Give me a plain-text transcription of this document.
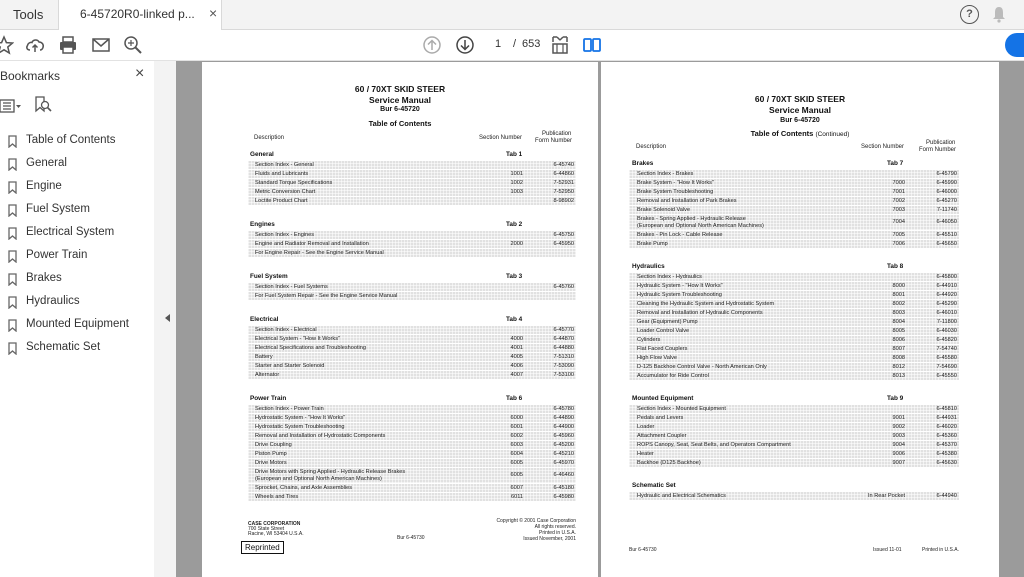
Tools	6-45720R0-linked p... ×	?
1	/ 653
Bookmarks	×
Table of Contents
General
Engine
Fuel System
Electrical System
Power Train
Brakes
Hydraulics
Mounted Equipment
Schematic Set
60 / 70XT SKID STEER
Service Manual
Bur 6-45720
Table of Contents
Description	Section Number
Publication
Form Number
General	Tab 1
Section Index - General	6-45740
Fluids and Lubricants	1001	6-44860
Standard Torque Specifications	1002	7-52931
Metric Conversion Chart	1003	7-52950
Loctite Product Chart	8-98902
Engines	Tab 2
Section Index - Engines	6-45750
Engine and Radiator Removal and Installation	2000	6-45950
For Engine Repair - See the Engine Service Manual
Fuel System	Tab 3
Section Index - Fuel Systems	6-45760
For Fuel System Repair - See the Engine Service Manual
Electrical	Tab 4
Section Index - Electrical	6-45770
Electrical System - "How It Works"	4000	6-44870
Electrical Specifications and Troubleshooting	4001	6-44880
Battery	4005	7-51310
Starter and Starter Solenoid	4006	7-53090
Alternator	4007	7-53100
Power Train	Tab 6
Section Index - Power Train	6-45780
Hydrostatic System - "How It Works"	6000	6-44890
Hydrostatic System Troubleshooting	6001	6-44900
Removal and Installation of Hydrostatic Components	6002	6-45960
Drive Coupling	6003	6-45200
Piston Pump	6004	6-45210
Drive Motors	6005	6-45970
Drive Motors with Spring Applied - Hydraulic Release Brakes
(European and Optional North American Machines)
6005	6-46460
Sprocket, Chains, and Axle Assemblies	6007	6-45180
Wheels and Tires	6011	6-45980
CASE CORPORATION
700 State Street
Racine, WI 53404 U.S.A.
Bur 6-45730
Copyright © 2001 Case Corporation
All rights reserved.
Printed in U.S.A.
Issued November, 2001
Reprinted
60 / 70XT SKID STEER
Service Manual
Bur 6-45720
Table of Contents (Continued)
Description	Section Number
Publication
Form Number
Brakes	Tab 7
Section Index - Brakes	6-45790
Brake System - "How It Works"	7000	6-45990
Brake System Troubleshooting	7001	6-46000
Removal and Installation of Park Brakes	7002	6-45270
Brake Solenoid Valve	7003	7-11740
Brakes - Spring Applied - Hydraulic Release
(European and Optional North American Machines)
7004	6-46050
Brakes - Pin Lock - Cable Release	7005	6-45510
Brake Pump	7006	6-45650
Hydraulics	Tab 8
Section Index - Hydraulics	6-45800
Hydraulic System - "How It Works"	8000	6-44910
Hydraulic System Troubleshooting	8001	6-44920
Cleaning the Hydraulic System and Hydrostatic System	8002	6-45290
Removal and Installation of Hydraulic Components	8003	6-46010
Gear (Equipment) Pump	8004	7-11800
Loader Control Valve	8005	6-46030
Cylinders	8006	6-45820
Flat Faced Couplers	8007	7-54740
High Flow Valve	8008	6-45580
D-125 Backhoe Control Valve - North American Only	8012	7-54690
Accumulator for Ride Control	8013	6-45550
Mounted Equipment	Tab 9
Section Index - Mounted Equipment	6-45810
Pedals and Levers	9001	6-44931
Loader	9002	6-46020
Attachment Coupler	9003	6-45360
ROPS Canopy, Seat, Seat Belts, and Operators Compartment	9004	6-45370
Heater	9006	6-45380
Backhoe (D125 Backhoe)	9007	6-45630
Schematic Set
Hydraulic and Electrical Schematics	In Rear Pocket	6-44940
Bur 6-45730	Issued 11-01	Printed in U.S.A.
